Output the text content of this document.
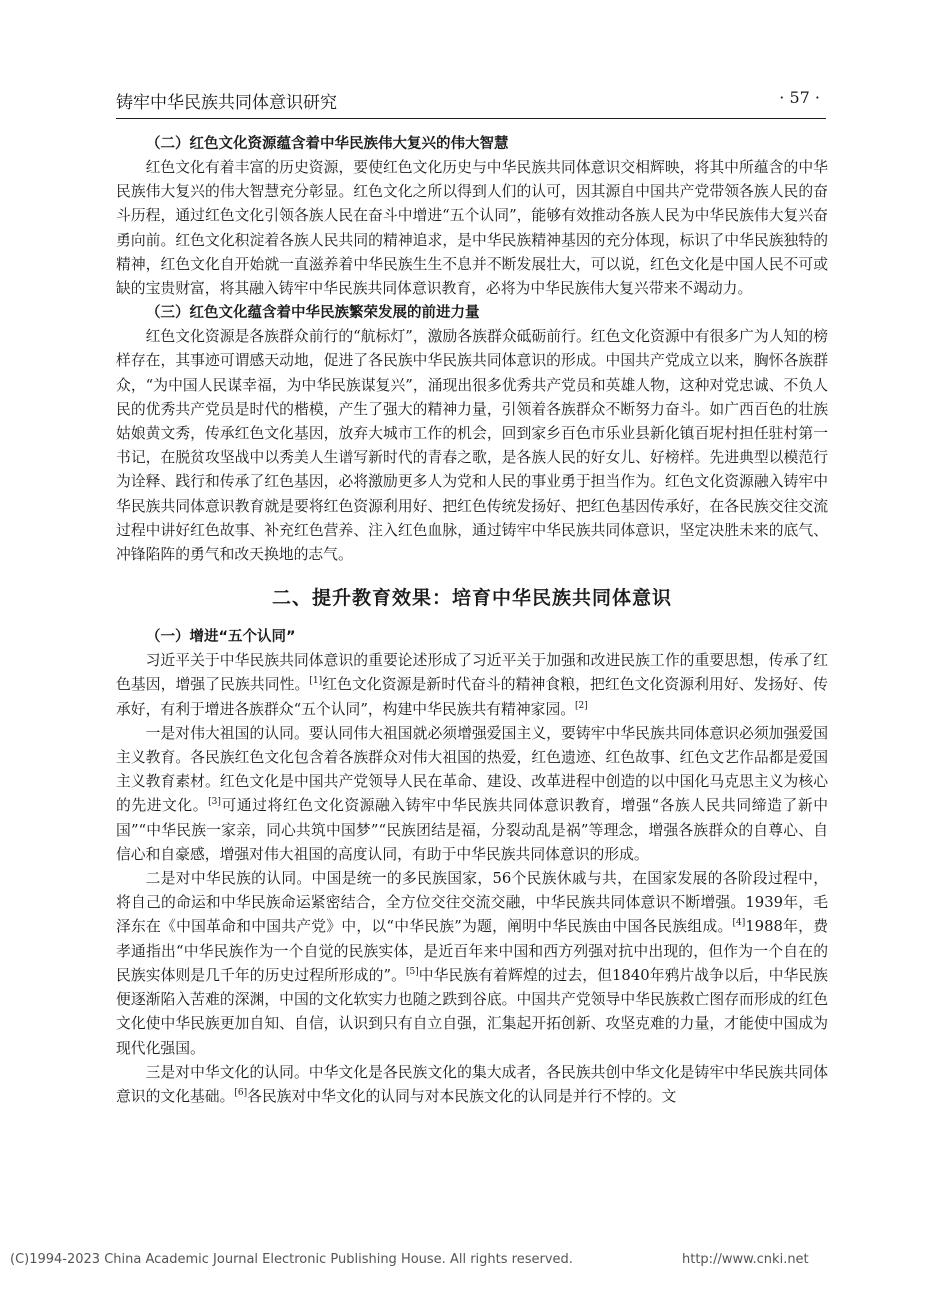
铸牢中华民族共同体意识研究	· 57 ·
（二）红色文化资源蕴含着中华民族伟大复兴的伟大智慧

红色文化有着丰富的历史资源，要使红色文化历史与中华民族共同体意识交相辉映，将其中所蕴含的中华民族伟大复兴的伟大智慧充分彰显。红色文化之所以得到人们的认可，因其源自中国共产党带领各族人民的奋斗历程，通过红色文化引领各族人民在奋斗中增进“五个认同”，能够有效推动各族人民为中华民族伟大复兴奋勇向前。红色文化积淀着各族人民共同的精神追求，是中华民族精神基因的充分体现，标识了中华民族独特的精神，红色文化自开始就一直滋养着中华民族生生不息并不断发展壮大，可以说，红色文化是中国人民不可或缺的宝贵财富，将其融入铸牢中华民族共同体意识教育，必将为中华民族伟大复兴带来不竭动力。

（三）红色文化蕴含着中华民族繁荣发展的前进力量

红色文化资源是各族群众前行的“航标灯”，激励各族群众砥砺前行。红色文化资源中有很多广为人知的榜样存在，其事迹可谓感天动地，促进了各民族中华民族共同体意识的形成。中国共产党成立以来，胸怀各族群众，“为中国人民谋幸福，为中华民族谋复兴”，涌现出很多优秀共产党员和英雄人物，这种对党忠诚、不负人民的优秀共产党员是时代的楷模，产生了强大的精神力量，引领着各族群众不断努力奋斗。如广西百色的壮族姑娘黄文秀，传承红色文化基因，放弃大城市工作的机会，回到家乡百色市乐业县新化镇百坭村担任驻村第一书记，在脱贫攻坚战中以秀美人生谱写新时代的青春之歌，是各族人民的好女儿、好榜样。先进典型以模范行为诠释、践行和传承了红色基因，必将激励更多人为党和人民的事业勇于担当作为。红色文化资源融入铸牢中华民族共同体意识教育就是要将红色资源利用好、把红色传统发扬好、把红色基因传承好，在各民族交往交流过程中讲好红色故事、补充红色营养、注入红色血脉，通过铸牢中华民族共同体意识，坚定决胜未来的底气、冲锋陷阵的勇气和改天换地的志气。

二、提升教育效果：培育中华民族共同体意识
（一）增进“五个认同”

习近平关于中华民族共同体意识的重要论述形成了习近平关于加强和改进民族工作的重要思想，传承了红色基因，增强了民族共同性。[1]红色文化资源是新时代奋斗的精神食粮，把红色文化资源利用好、发扬好、传承好，有利于增进各族群众“五个认同”，构建中华民族共有精神家园。[2]

一是对伟大祖国的认同。要认同伟大祖国就必须增强爱国主义，要铸牢中华民族共同体意识必须加强爱国主义教育。各民族红色文化包含着各族群众对伟大祖国的热爱，红色遗迹、红色故事、红色文艺作品都是爱国主义教育素材。红色文化是中国共产党领导人民在革命、建设、改革进程中创造的以中国化马克思主义为核心的先进文化。[3]可通过将红色文化资源融入铸牢中华民族共同体意识教育，增强“各族人民共同缔造了新中国”“中华民族一家亲，同心共筑中国梦”“民族团结是福，分裂动乱是祸”等理念，增强各族群众的自尊心、自信心和自豪感，增强对伟大祖国的高度认同，有助于中华民族共同体意识的形成。

二是对中华民族的认同。中国是统一的多民族国家，56个民族休戚与共，在国家发展的各阶段过程中，将自己的命运和中华民族命运紧密结合，全方位交往交流交融，中华民族共同体意识不断增强。1939年，毛泽东在《中国革命和中国共产党》中，以“中华民族”为题，阐明中华民族由中国各民族组成。[4]1988年，费孝通指出“中华民族作为一个自觉的民族实体，是近百年来中国和西方列强对抗中出现的，但作为一个自在的民族实体则是几千年的历史过程所形成的”。[5]中华民族有着辉煌的过去，但1840年鸦片战争以后，中华民族便逐渐陷入苦难的深渊，中国的文化软实力也随之跌到谷底。中国共产党领导中华民族救亡图存而形成的红色文化使中华民族更加自知、自信，认识到只有自立自强，汇集起开拓创新、攻坚克难的力量，才能使中国成为现代化强国。

三是对中华文化的认同。中华文化是各民族文化的集大成者，各民族共创中华文化是铸牢中华民族共同体意识的文化基础。[6]各民族对中华文化的认同与对本民族文化的认同是并行不悖的。文

(C)1994-2023 China Academic Journal Electronic Publishing House. All rights reserved.	http://www.cnki.net
